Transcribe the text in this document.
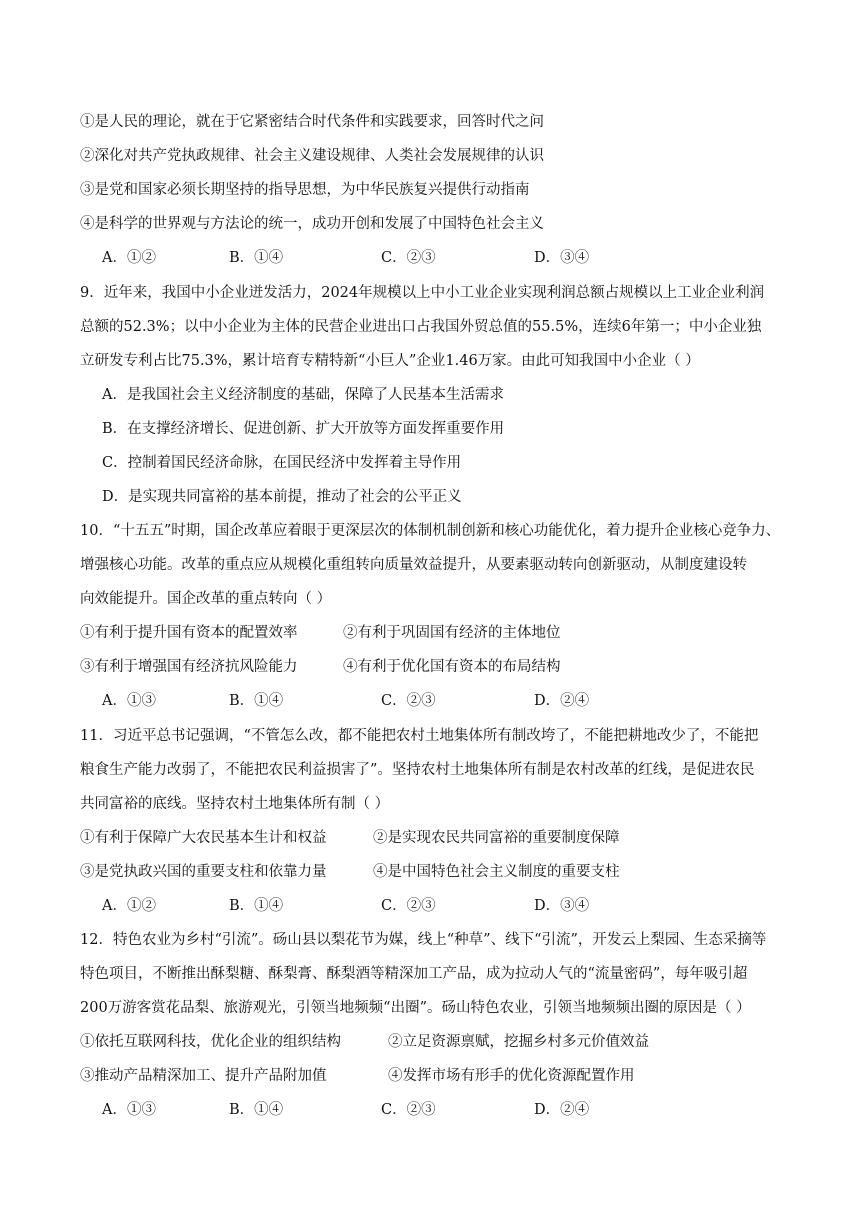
①是人民的理论，就在于它紧密结合时代条件和实践要求，回答时代之问
②深化对共产党执政规律、社会主义建设规律、人类社会发展规律的认识
③是党和国家必须长期坚持的指导思想，为中华民族复兴提供行动指南
④是科学的世界观与方法论的统一，成功开创和发展了中国特色社会主义
A．①②	B．①④	C．②③	D．③④
9．近年来，我国中小企业迸发活力，2024年规模以上中小工业企业实现利润总额占规模以上工业企业利润
总额的52.3%；以中小企业为主体的民营企业进出口占我国外贸总值的55.5%，连续6年第一；中小企业独
立研发专利占比75.3%，累计培育专精特新“小巨人”企业1.46万家。由此可知我国中小企业（ ）
A．是我国社会主义经济制度的基础，保障了人民基本生活需求
B．在支撑经济增长、促进创新、扩大开放等方面发挥重要作用
C．控制着国民经济命脉，在国民经济中发挥着主导作用
D．是实现共同富裕的基本前提，推动了社会的公平正义
10．“十五五”时期，国企改革应着眼于更深层次的体制机制创新和核心功能优化，着力提升企业核心竞争力、
增强核心功能。改革的重点应从规模化重组转向质量效益提升，从要素驱动转向创新驱动，从制度建设转
向效能提升。国企改革的重点转向（ ）
①有利于提升国有资本的配置效率	②有利于巩固国有经济的主体地位
③有利于增强国有经济抗风险能力	④有利于优化国有资本的布局结构
A．①③	B．①④	C．②③	D．②④
11．习近平总书记强调，“不管怎么改，都不能把农村土地集体所有制改垮了，不能把耕地改少了，不能把
粮食生产能力改弱了，不能把农民利益损害了”。坚持农村土地集体所有制是农村改革的红线，是促进农民
共同富裕的底线。坚持农村土地集体所有制（ ）
①有利于保障广大农民基本生计和权益	②是实现农民共同富裕的重要制度保障
③是党执政兴国的重要支柱和依靠力量	④是中国特色社会主义制度的重要支柱
A．①②	B．①④	C．②③	D．③④
12．特色农业为乡村“引流”。砀山县以梨花节为媒，线上“种草”、线下“引流”，开发云上梨园、生态采摘等
特色项目，不断推出酥梨糖、酥梨膏、酥梨酒等精深加工产品，成为拉动人气的“流量密码”，每年吸引超
200万游客赏花品梨、旅游观光，引领当地频频“出圈”。砀山特色农业，引领当地频频出圈的原因是（ ）
①依托互联网科技，优化企业的组织结构	②立足资源禀赋，挖掘乡村多元价值效益
③推动产品精深加工、提升产品附加值	④发挥市场有形手的优化资源配置作用
A．①③	B．①④	C．②③	D．②④
